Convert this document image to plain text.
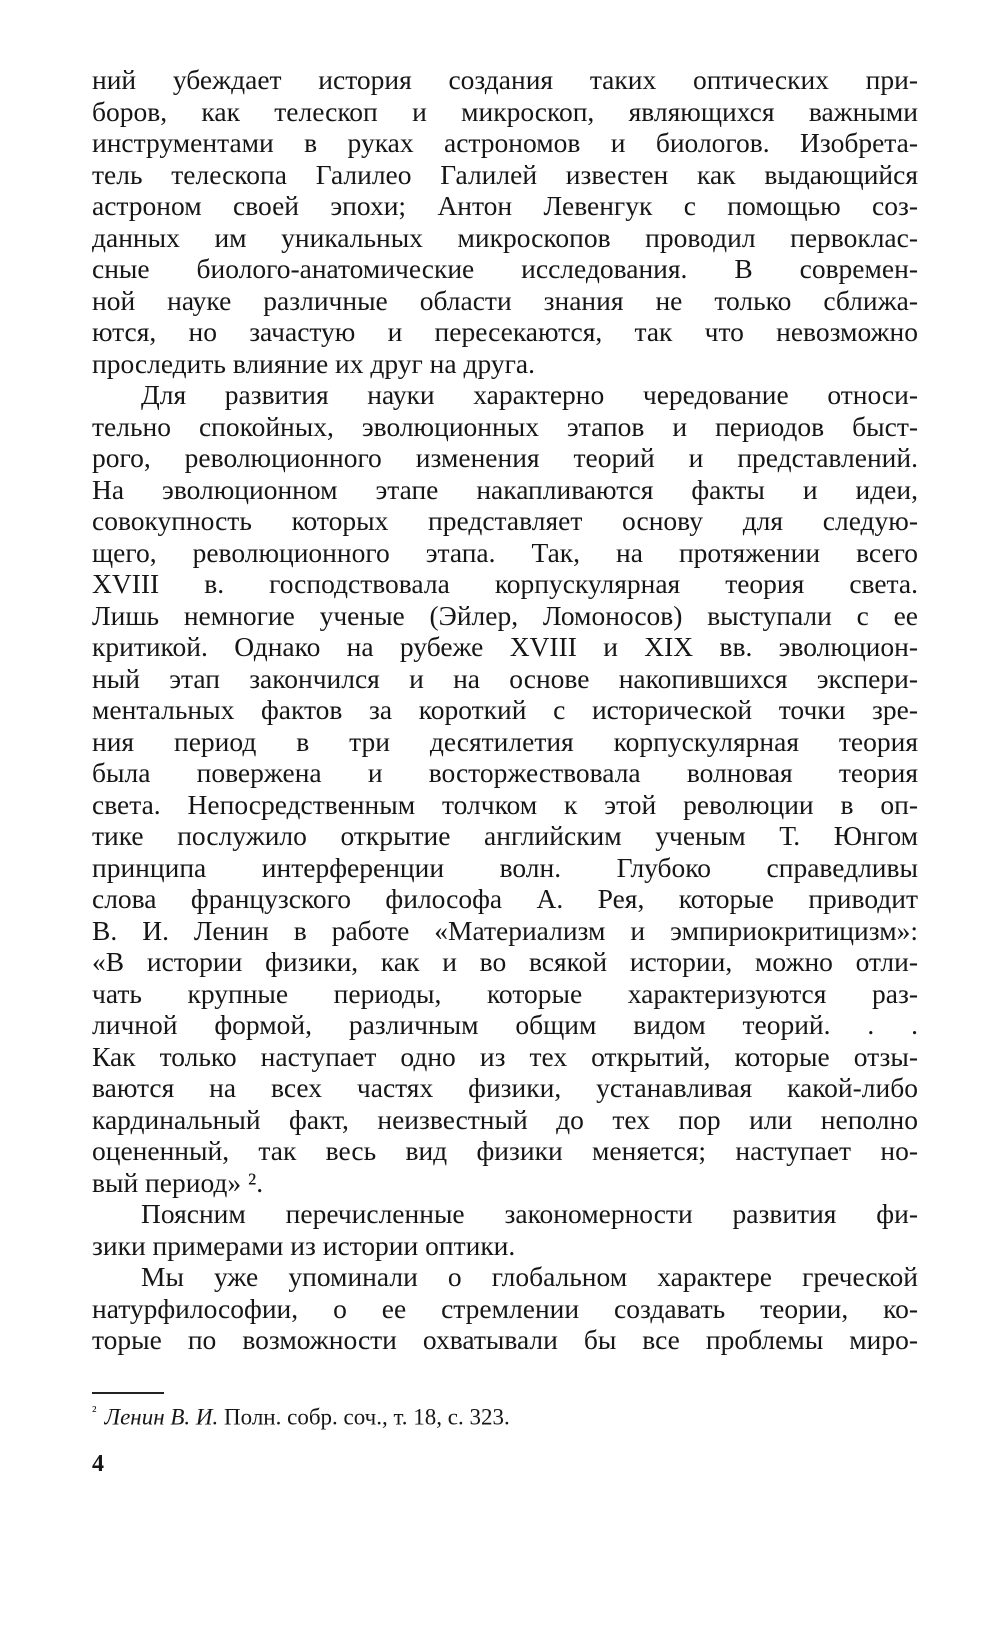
ний убеждает история создания таких оптических при-
боров, как телескоп и микроскоп, являющихся важными
инструментами в руках астрономов и биологов. Изобрета-
тель телескопа Галилео Галилей известен как выдающийся
астроном своей эпохи; Антон Левенгук с помощью соз-
данных им уникальных микроскопов проводил первоклас-
сные биолого-анатомические исследования. В современ-
ной науке различные области знания не только сближа-
ются, но зачастую и пересекаются, так что невозможно
проследить влияние их друг на друга.
Для развития науки характерно чередование относи-
тельно спокойных, эволюционных этапов и периодов быст-
рого, революционного изменения теорий и представлений.
На эволюционном этапе накапливаются факты и идеи,
совокупность которых представляет основу для следую-
щего, революционного этапа. Так, на протяжении всего
XVIII в. господствовала корпускулярная теория света.
Лишь немногие ученые (Эйлер, Ломоносов) выступали с ее
критикой. Однако на рубеже XVIII и XIX вв. эволюцион-
ный этап закончился и на основе накопившихся экспери-
ментальных фактов за короткий с исторической точки зре-
ния период в три десятилетия корпускулярная теория
была повержена и восторжествовала волновая теория
света. Непосредственным толчком к этой революции в оп-
тике послужило открытие английским ученым Т. Юнгом
принципа интерференции волн. Глубоко справедливы
слова французского философа А. Рея, которые приводит
В. И. Ленин в работе «Материализм и эмпириокритицизм»:
«В истории физики, как и во всякой истории, можно отли-
чать крупные периоды, которые характеризуются раз-
личной формой, различным общим видом теорий. . .
Как только наступает одно из тех открытий, которые отзы-
ваются на всех частях физики, устанавливая какой-либо
кардинальный факт, неизвестный до тех пор или неполно
оцененный, так весь вид физики меняется; наступает но-
вый период» ².
Поясним перечисленные закономерности развития фи-
зики примерами из истории оптики.
Мы уже упоминали о глобальном характере греческой
натурфилософии, о ее стремлении создавать теории, ко-
торые по возможности охватывали бы все проблемы миро-
$^{^2}$ Ленин В. И. Полн. собр. соч., т. 18, с. 323.
4
